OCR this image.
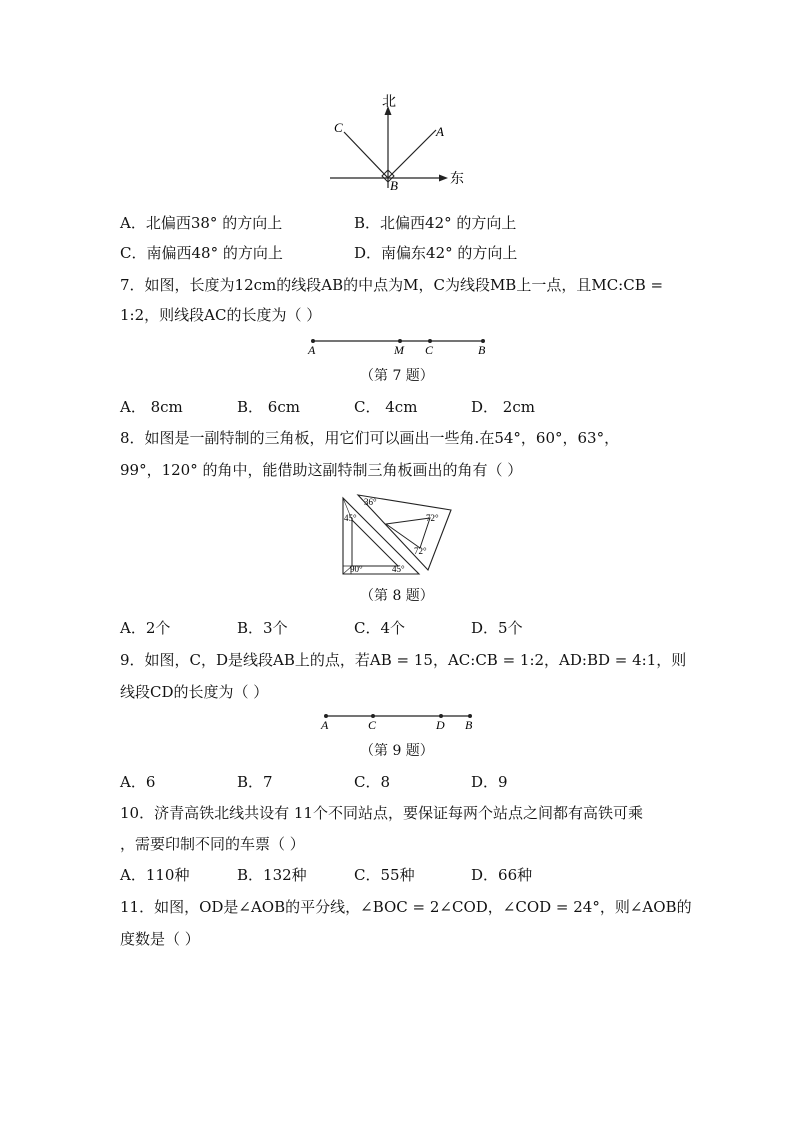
北
东
A
B
C
A．北偏西38° 的方向上	B．北偏西42° 的方向上
C．南偏西48° 的方向上	D．南偏东42° 的方向上
7．如图，长度为12cm的线段AB的中点为M，C为线段MB上一点，且MC:CB =
1:2，则线段AC的长度为（ ）
A	M C	B
（第 7 题）
A． 8cm	B． 6cm	C． 4cm	D． 2cm
8．如图是一副特制的三角板，用它们可以画出一些角.在54°，60°，63°，
99°，120° 的角中，能借助这副特制三角板画出的角有（ ）
36°
72°
72°
45°
90°	45°
（第 8 题）
A．2个	B．3个	C．4个	D．5个
9．如图，C，D是线段AB上的点，若AB = 15，AC:CB = 1:2，AD:BD = 4:1，则
线段CD的长度为（ ）
A	C	D B
（第 9 题）
A．6	B．7	C．8	D．9
10．济青高铁北线共设有 11个不同站点，要保证每两个站点之间都有高铁可乘
，需要印制不同的车票（ ）
A．110种	B．132种	C．55种	D．66种
11．如图，OD是∠AOB的平分线，∠BOC = 2∠COD，∠COD = 24°，则∠AOB的
度数是（ ）
